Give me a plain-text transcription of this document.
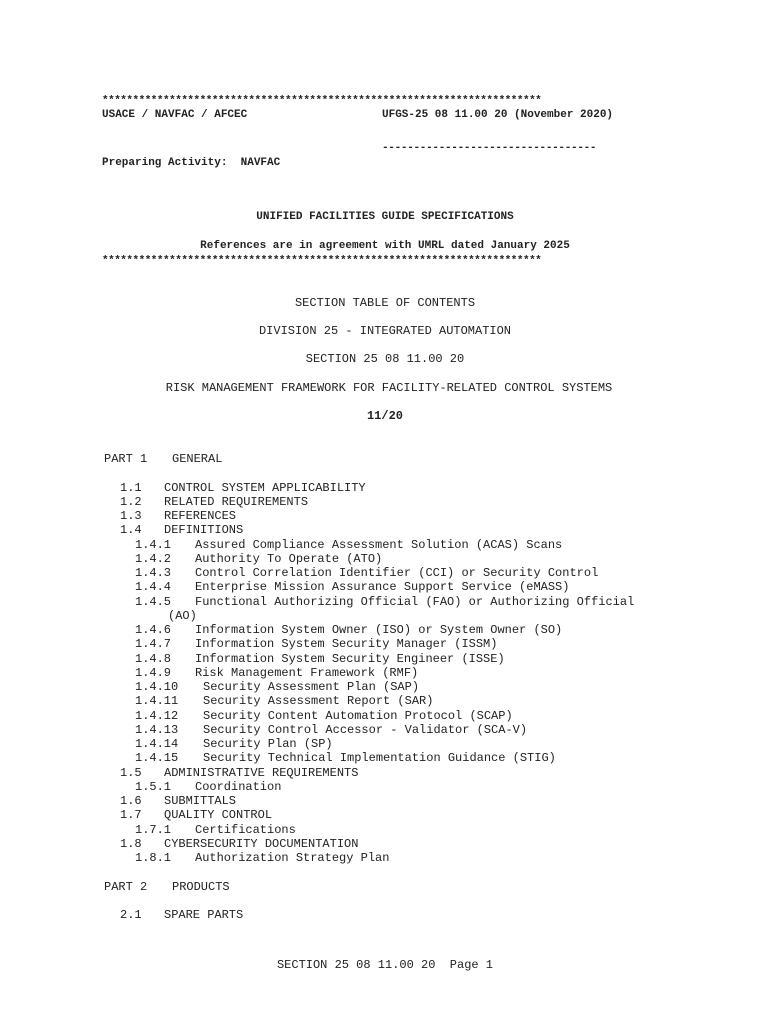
************************************************************************
USACE / NAVFAC / AFCEC	UFGS-25 08 11.00 20 (November 2020)
----------------------------------
Preparing Activity:  NAVFAC
UNIFIED FACILITIES GUIDE SPECIFICATIONS
References are in agreement with UMRL dated January 2025
************************************************************************
SECTION TABLE OF CONTENTS
DIVISION 25 - INTEGRATED AUTOMATION
SECTION 25 08 11.00 20
RISK MANAGEMENT FRAMEWORK FOR FACILITY-RELATED CONTROL SYSTEMS
11/20
PART 1	GENERAL
1.1	CONTROL SYSTEM APPLICABILITY
1.2	RELATED REQUIREMENTS
1.3	REFERENCES
1.4	DEFINITIONS
1.4.1	Assured Compliance Assessment Solution (ACAS) Scans
1.4.2	Authority To Operate (ATO)
1.4.3	Control Correlation Identifier (CCI) or Security Control
1.4.4	Enterprise Mission Assurance Support Service (eMASS)
1.4.5	Functional Authorizing Official (FAO) or Authorizing Official
(AO)
1.4.6	Information System Owner (ISO) or System Owner (SO)
1.4.7	Information System Security Manager (ISSM)
1.4.8	Information System Security Engineer (ISSE)
1.4.9	Risk Management Framework (RMF)
1.4.10	Security Assessment Plan (SAP)
1.4.11	Security Assessment Report (SAR)
1.4.12	Security Content Automation Protocol (SCAP)
1.4.13	Security Control Accessor - Validator (SCA-V)
1.4.14	Security Plan (SP)
1.4.15	Security Technical Implementation Guidance (STIG)
1.5	ADMINISTRATIVE REQUIREMENTS
1.5.1	Coordination
1.6	SUBMITTALS
1.7	QUALITY CONTROL
1.7.1	Certifications
1.8	CYBERSECURITY DOCUMENTATION
1.8.1	Authorization Strategy Plan
PART 2	PRODUCTS
2.1	SPARE PARTS
SECTION 25 08 11.00 20  Page 1
